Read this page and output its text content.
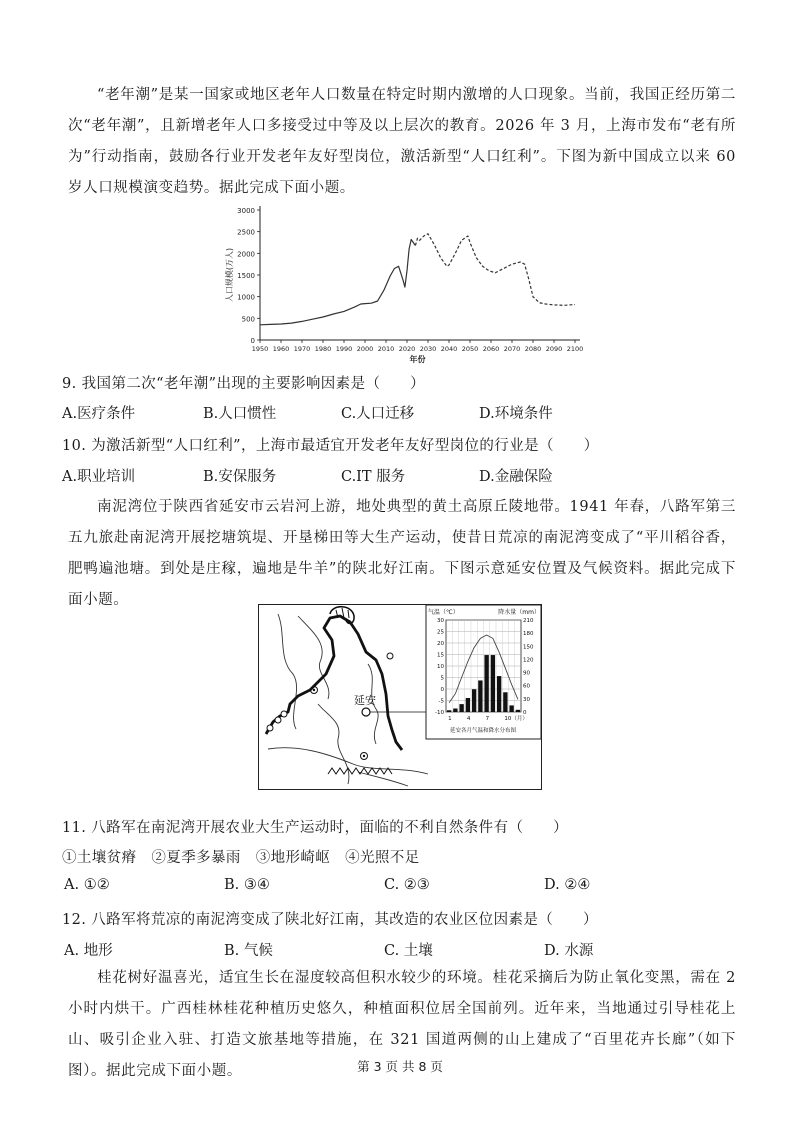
“老年潮”是某一国家或地区老年人口数量在特定时期内激增的人口现象。当前，我国正经历第二次“老年潮”，且新增老年人口多接受过中等及以上层次的教育。2026 年 3 月，上海市发布“老有所为”行动指南，鼓励各行业开发老年友好型岗位，激活新型“人口红利”。下图为新中国成立以来 60 岁人口规模演变趋势。据此完成下面小题。
0
500
1000
1500
2000
2500
3000
1950 1960 1970 1980 1990 2000 2010 2020 2030 2040 2050 2060 2070 2080 2090 2100
年份
人口规模(万人)
9. 我国第二次“老年潮”出现的主要影响因素是（　　）
A.医疗条件	B.人口惯性	C.人口迁移	D.环境条件
10. 为激活新型“人口红利”，上海市最适宜开发老年友好型岗位的行业是（　　）
A.职业培训	B.安保服务	C.IT 服务	D.金融保险
南泥湾位于陕西省延安市云岩河上游，地处典型的黄土高原丘陵地带。1941 年春，八路军第三五九旅赴南泥湾开展挖塘筑堤、开垦梯田等大生产运动，使昔日荒凉的南泥湾变成了“平川稻谷香，肥鸭遍池塘。到处是庄稼，遍地是牛羊”的陕北好江南。下图示意延安位置及气候资料。据此完成下面小题。
延安
气温（℃）	降水量（mm）
30
25
20
15
10
5
0
-5
-10
210
180
150
120
90
60
30
0
1	4	7	10（月）
延安各月气温和降水分布图
11. 八路军在南泥湾开展农业大生产运动时，面临的不利自然条件有（　　）
①土壤贫瘠　②夏季多暴雨　③地形崎岖　④光照不足
A. ①②	B. ③④	C. ②③	D. ②④
12. 八路军将荒凉的南泥湾变成了陕北好江南，其改造的农业区位因素是（　　）
A. 地形	B. 气候	C. 土壤	D. 水源
桂花树好温喜光，适宜生长在湿度较高但积水较少的环境。桂花采摘后为防止氧化变黑，需在 2 小时内烘干。广西桂林桂花种植历史悠久，种植面积位居全国前列。近年来，当地通过引导桂花上山、吸引企业入驻、打造文旅基地等措施，在 321 国道两侧的山上建成了“百里花卉长廊”（如下图）。据此完成下面小题。	第 3 页 共 8 页
